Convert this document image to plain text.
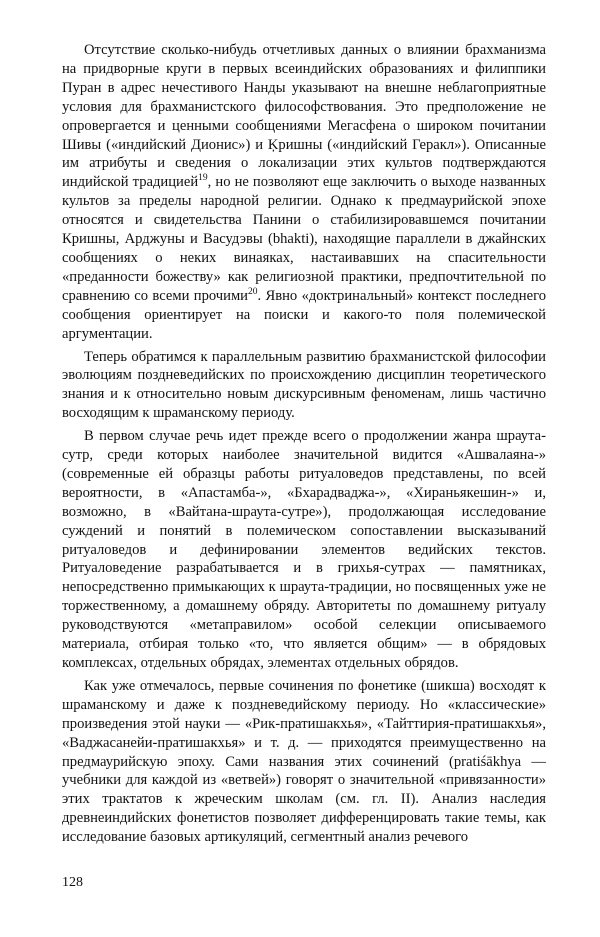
Отсутствие сколько-нибудь отчетливых данных о влиянии брахманизма на придворные круги в первых всеиндийских образованиях и филиппики Пуран в адрес нечестивого Нанды указывают на внешне неблагоприятные условия для брахманистского философствования. Это предположение не опровергается и ценными сообщениями Мегасфена о широком почитании Шивы («индийский Дионис») и Ķришны («индийский Геракл»). Описанные им атрибуты и сведения о локализации этих культов подтверждаются индийской традицией$^{19}$, но не позволяют еще заключить о выходе названных культов за пределы народной религии. Однако к предмаурийской эпохе относятся и свидетельства Панини о стабилизировавшемся почитании Кришны, Арджуны и Васудэвы (bhakti), находящие параллели в джайнских сообщениях о неких винаяках, настаивавших на спасительности «преданности божеству» как религиозной практики, предпочтительной по сравнению со всеми прочими$^{20}$. Явно «доктринальный» контекст последнего сообщения ориентирует на поиски и какого-то поля полемической аргументации.

Теперь обратимся к параллельным развитию брахманистской философии эволюциям поздневедийских по происхождению дисциплин теоретического знания и к относительно новым дискурсивным феноменам, лишь частично восходящим к шраманскому периоду.

В первом случае речь идет прежде всего о продолжении жанра шраута-сутр, среди которых наиболее значительной видится «Ашвалаяна-» (современные ей образцы работы ритуаловедов представлены, по всей вероятности, в «Апастамба-», «Бхарадваджа-», «Хираньякешин-» и, возможно, в «Вайтана-шраута-сутре»), продолжающая исследование суждений и понятий в полемическом сопоставлении высказываний ритуаловедов и дефинировании элементов ведийских текстов. Ритуаловедение разрабатывается и в грихья-сутрах — памятниках, непосредственно примыкающих к шраута-традиции, но посвященных уже не торжественному, а домашнему обряду. Авторитеты по домашнему ритуалу руководствуются «метаправилом» особой селекции описываемого материала, отбирая только «то, что является общим» — в обрядовых комплексах, отдельных обрядах, элементах отдельных обрядов.

Как уже отмечалось, первые сочинения по фонетике (шикша) восходят к шраманскому и даже к поздневедийскому периоду. Но «классические» произведения этой науки — «Рик-пратишакхья», «Тайттирия-пратишакхья», «Ваджасанейи-пратишакхья» и т. д. — приходятся преимущественно на предмаурийскую эпоху. Сами названия этих сочинений (pratiśākhya — учебники для каждой из «ветвей») говорят о значительной «привязанности» этих трактатов к жреческим школам (см. гл. II). Анализ наследия древнеиндийских фонетистов позволяет дифференцировать такие темы, как исследование базовых артикуляций, сегментный анализ речевого

128
